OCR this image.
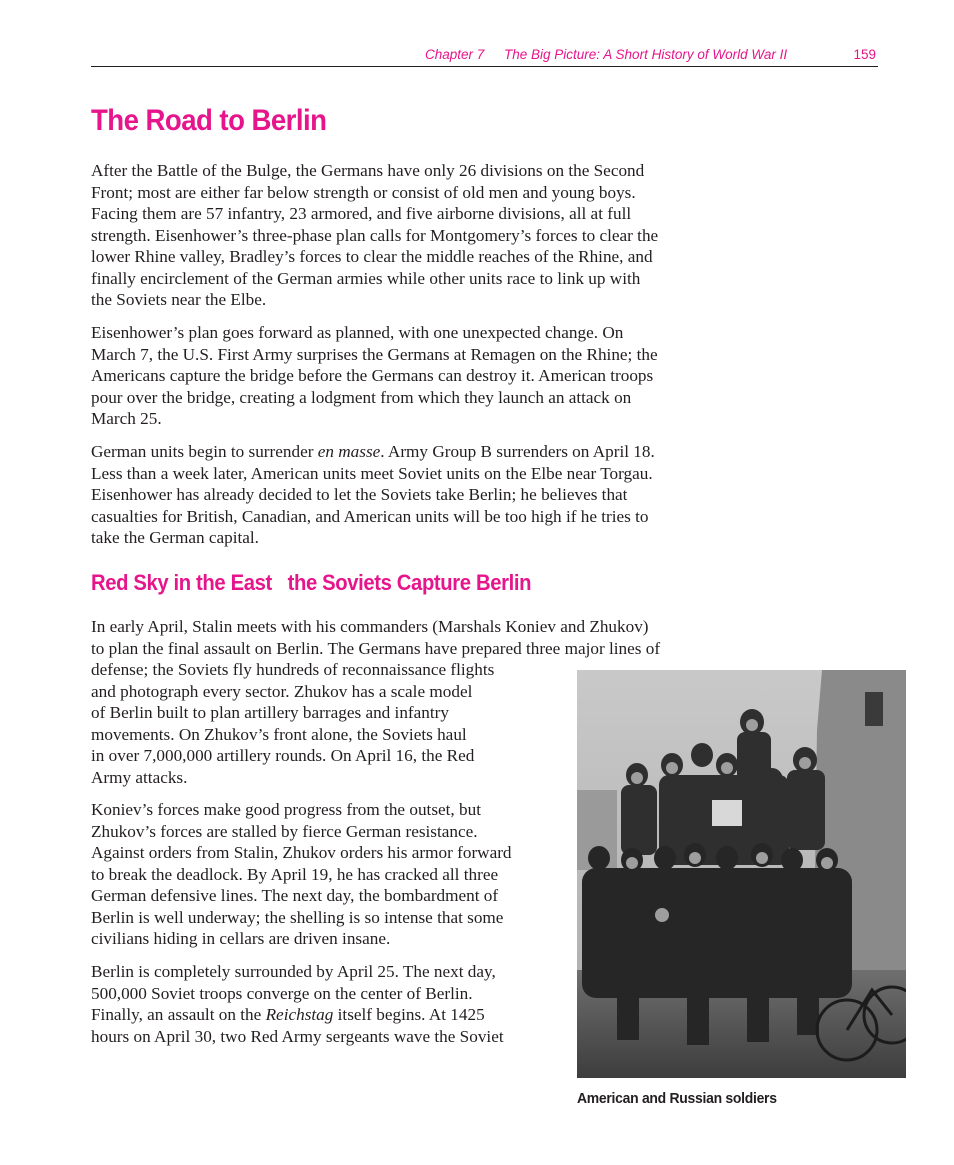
Chapter 7 The Big Picture: A Short History of World War II	159
The Road to Berlin

After the Battle of the Bulge, the Germans have only 26 divisions on the Second
Front; most are either far below strength or consist of old men and young boys.
Facing them are 57 infantry, 23 armored, and five airborne divisions, all at full
strength. Eisenhower’s three-phase plan calls for Montgomery’s forces to clear the
lower Rhine valley, Bradley’s forces to clear the middle reaches of the Rhine, and
finally encirclement of the German armies while other units race to link up with
the Soviets near the Elbe.

Eisenhower’s plan goes forward as planned, with one unexpected change. On
March 7, the U.S. First Army surprises the Germans at Remagen on the Rhine; the
Americans capture the bridge before the Germans can destroy it. American troops
pour over the bridge, creating a lodgment from which they launch an attack on
March 25.

German units begin to surrender en masse. Army Group B surrenders on April 18.
Less than a week later, American units meet Soviet units on the Elbe near Torgau.
Eisenhower has already decided to let the Soviets take Berlin; he believes that
casualties for British, Canadian, and American units will be too high if he tries to
take the German capital.

Red Sky in the East   the Soviets Capture Berlin

In early April, Stalin meets with his commanders (Marshals Koniev and Zhukov)
to plan the final assault on Berlin. The Germans have prepared three major lines of
defense; the Soviets fly hundreds of reconnaissance flights
and photograph every sector. Zhukov has a scale model
of Berlin built to plan artillery barrages and infantry
movements. On Zhukov’s front alone, the Soviets haul
in over 7,000,000 artillery rounds. On April 16, the Red
Army attacks.

Koniev’s forces make good progress from the outset, but
Zhukov’s forces are stalled by fierce German resistance.
Against orders from Stalin, Zhukov orders his armor forward
to break the deadlock. By April 19, he has cracked all three
German defensive lines. The next day, the bombardment of
Berlin is well underway; the shelling is so intense that some
civilians hiding in cellars are driven insane.

Berlin is completely surrounded by April 25. The next day,
500,000 Soviet troops converge on the center of Berlin.
Finally, an assault on the Reichstag itself begins. At 1425
hours on April 30, two Red Army sergeants wave the Soviet

American and Russian soldiers
